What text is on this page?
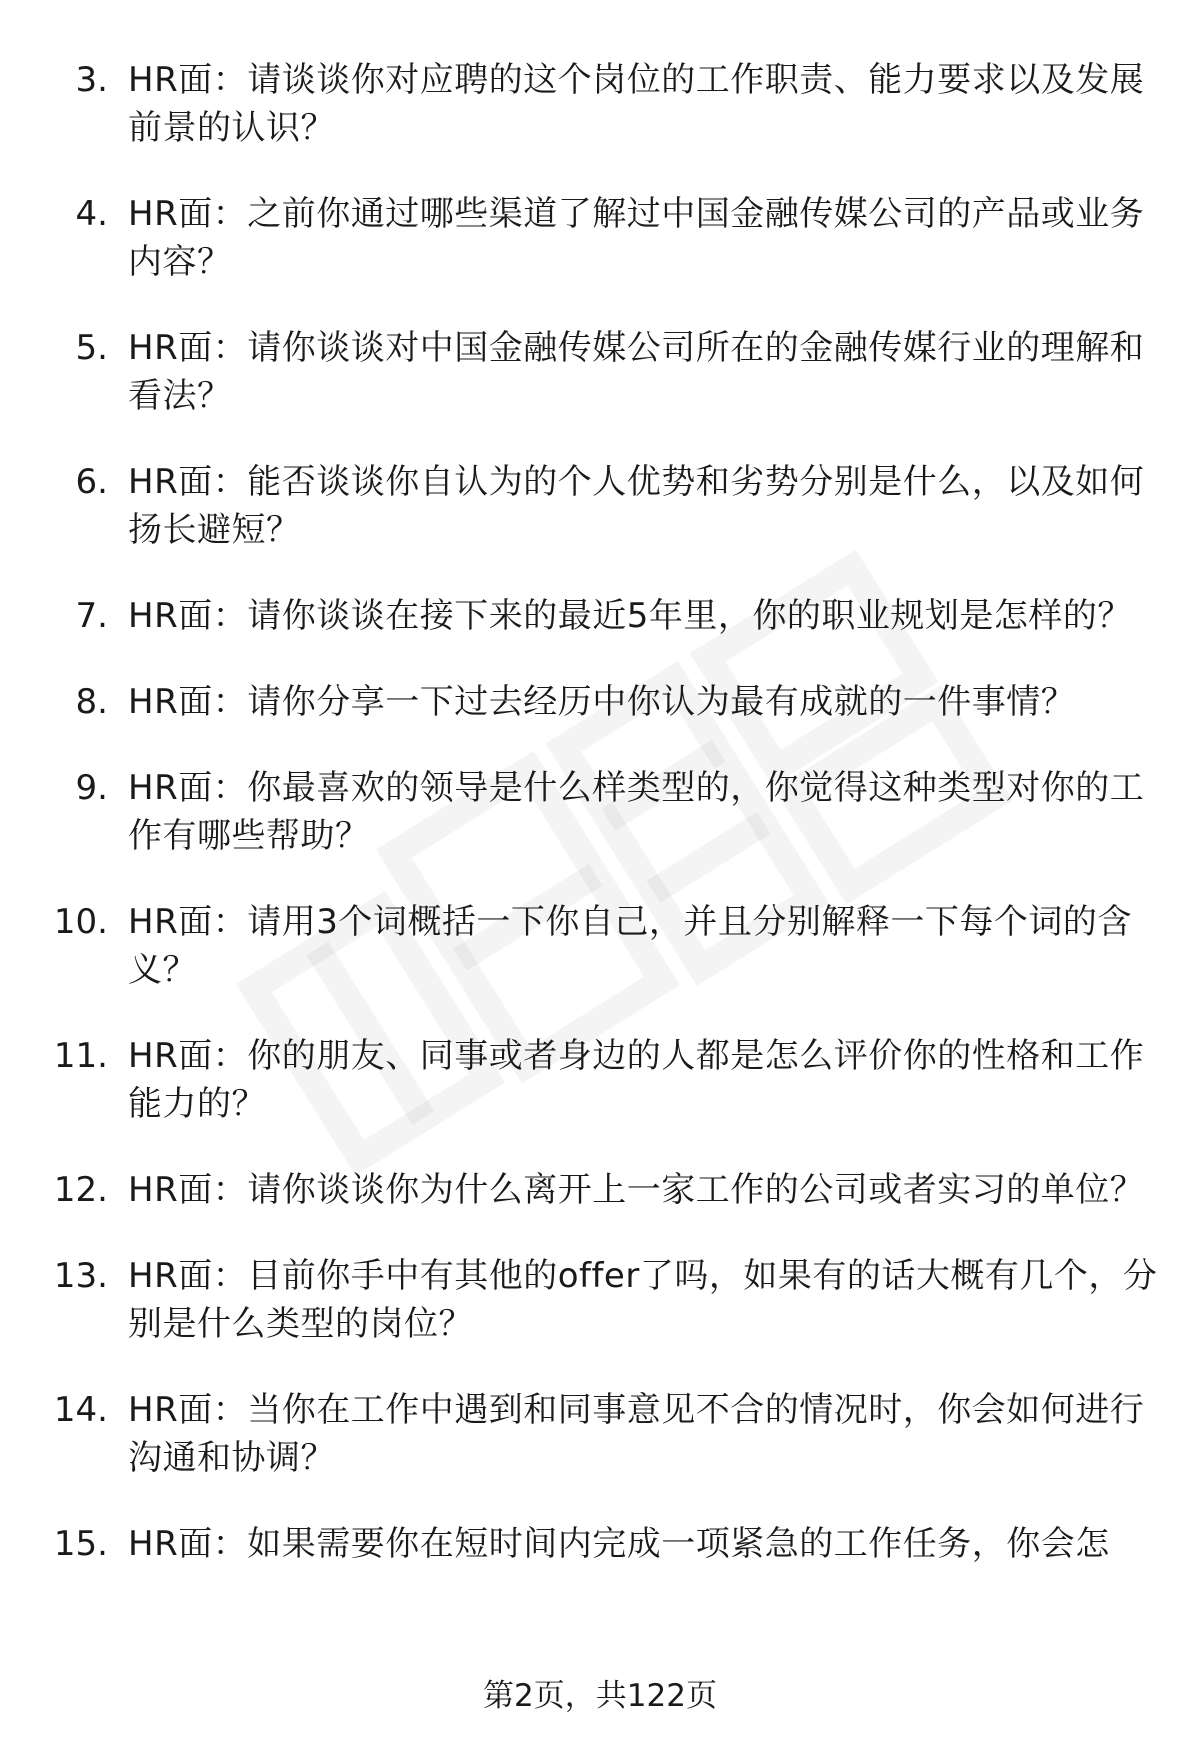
3. HR面：请谈谈你对应聘的这个岗位的工作职责、能力要求以及发展前景的认识？
4. HR面：之前你通过哪些渠道了解过中国金融传媒公司的产品或业务内容？
5. HR面：请你谈谈对中国金融传媒公司所在的金融传媒行业的理解和看法？
6. HR面：能否谈谈你自认为的个人优势和劣势分别是什么，以及如何扬长避短？
7. HR面：请你谈谈在接下来的最近5年里，你的职业规划是怎样的？
8. HR面：请你分享一下过去经历中你认为最有成就的一件事情？
9. HR面：你最喜欢的领导是什么样类型的，你觉得这种类型对你的工作有哪些帮助？
10. HR面：请用3个词概括一下你自己，并且分别解释一下每个词的含义？
11. HR面：你的朋友、同事或者身边的人都是怎么评价你的性格和工作能力的？
12. HR面：请你谈谈你为什么离开上一家工作的公司或者实习的单位？
13. HR面：目前你手中有其他的offer了吗，如果有的话大概有几个，分别是什么类型的岗位？
14. HR面：当你在工作中遇到和同事意见不合的情况时，你会如何进行沟通和协调？
15. HR面：如果需要你在短时间内完成一项紧急的工作任务，你会怎
第2页，共122页
